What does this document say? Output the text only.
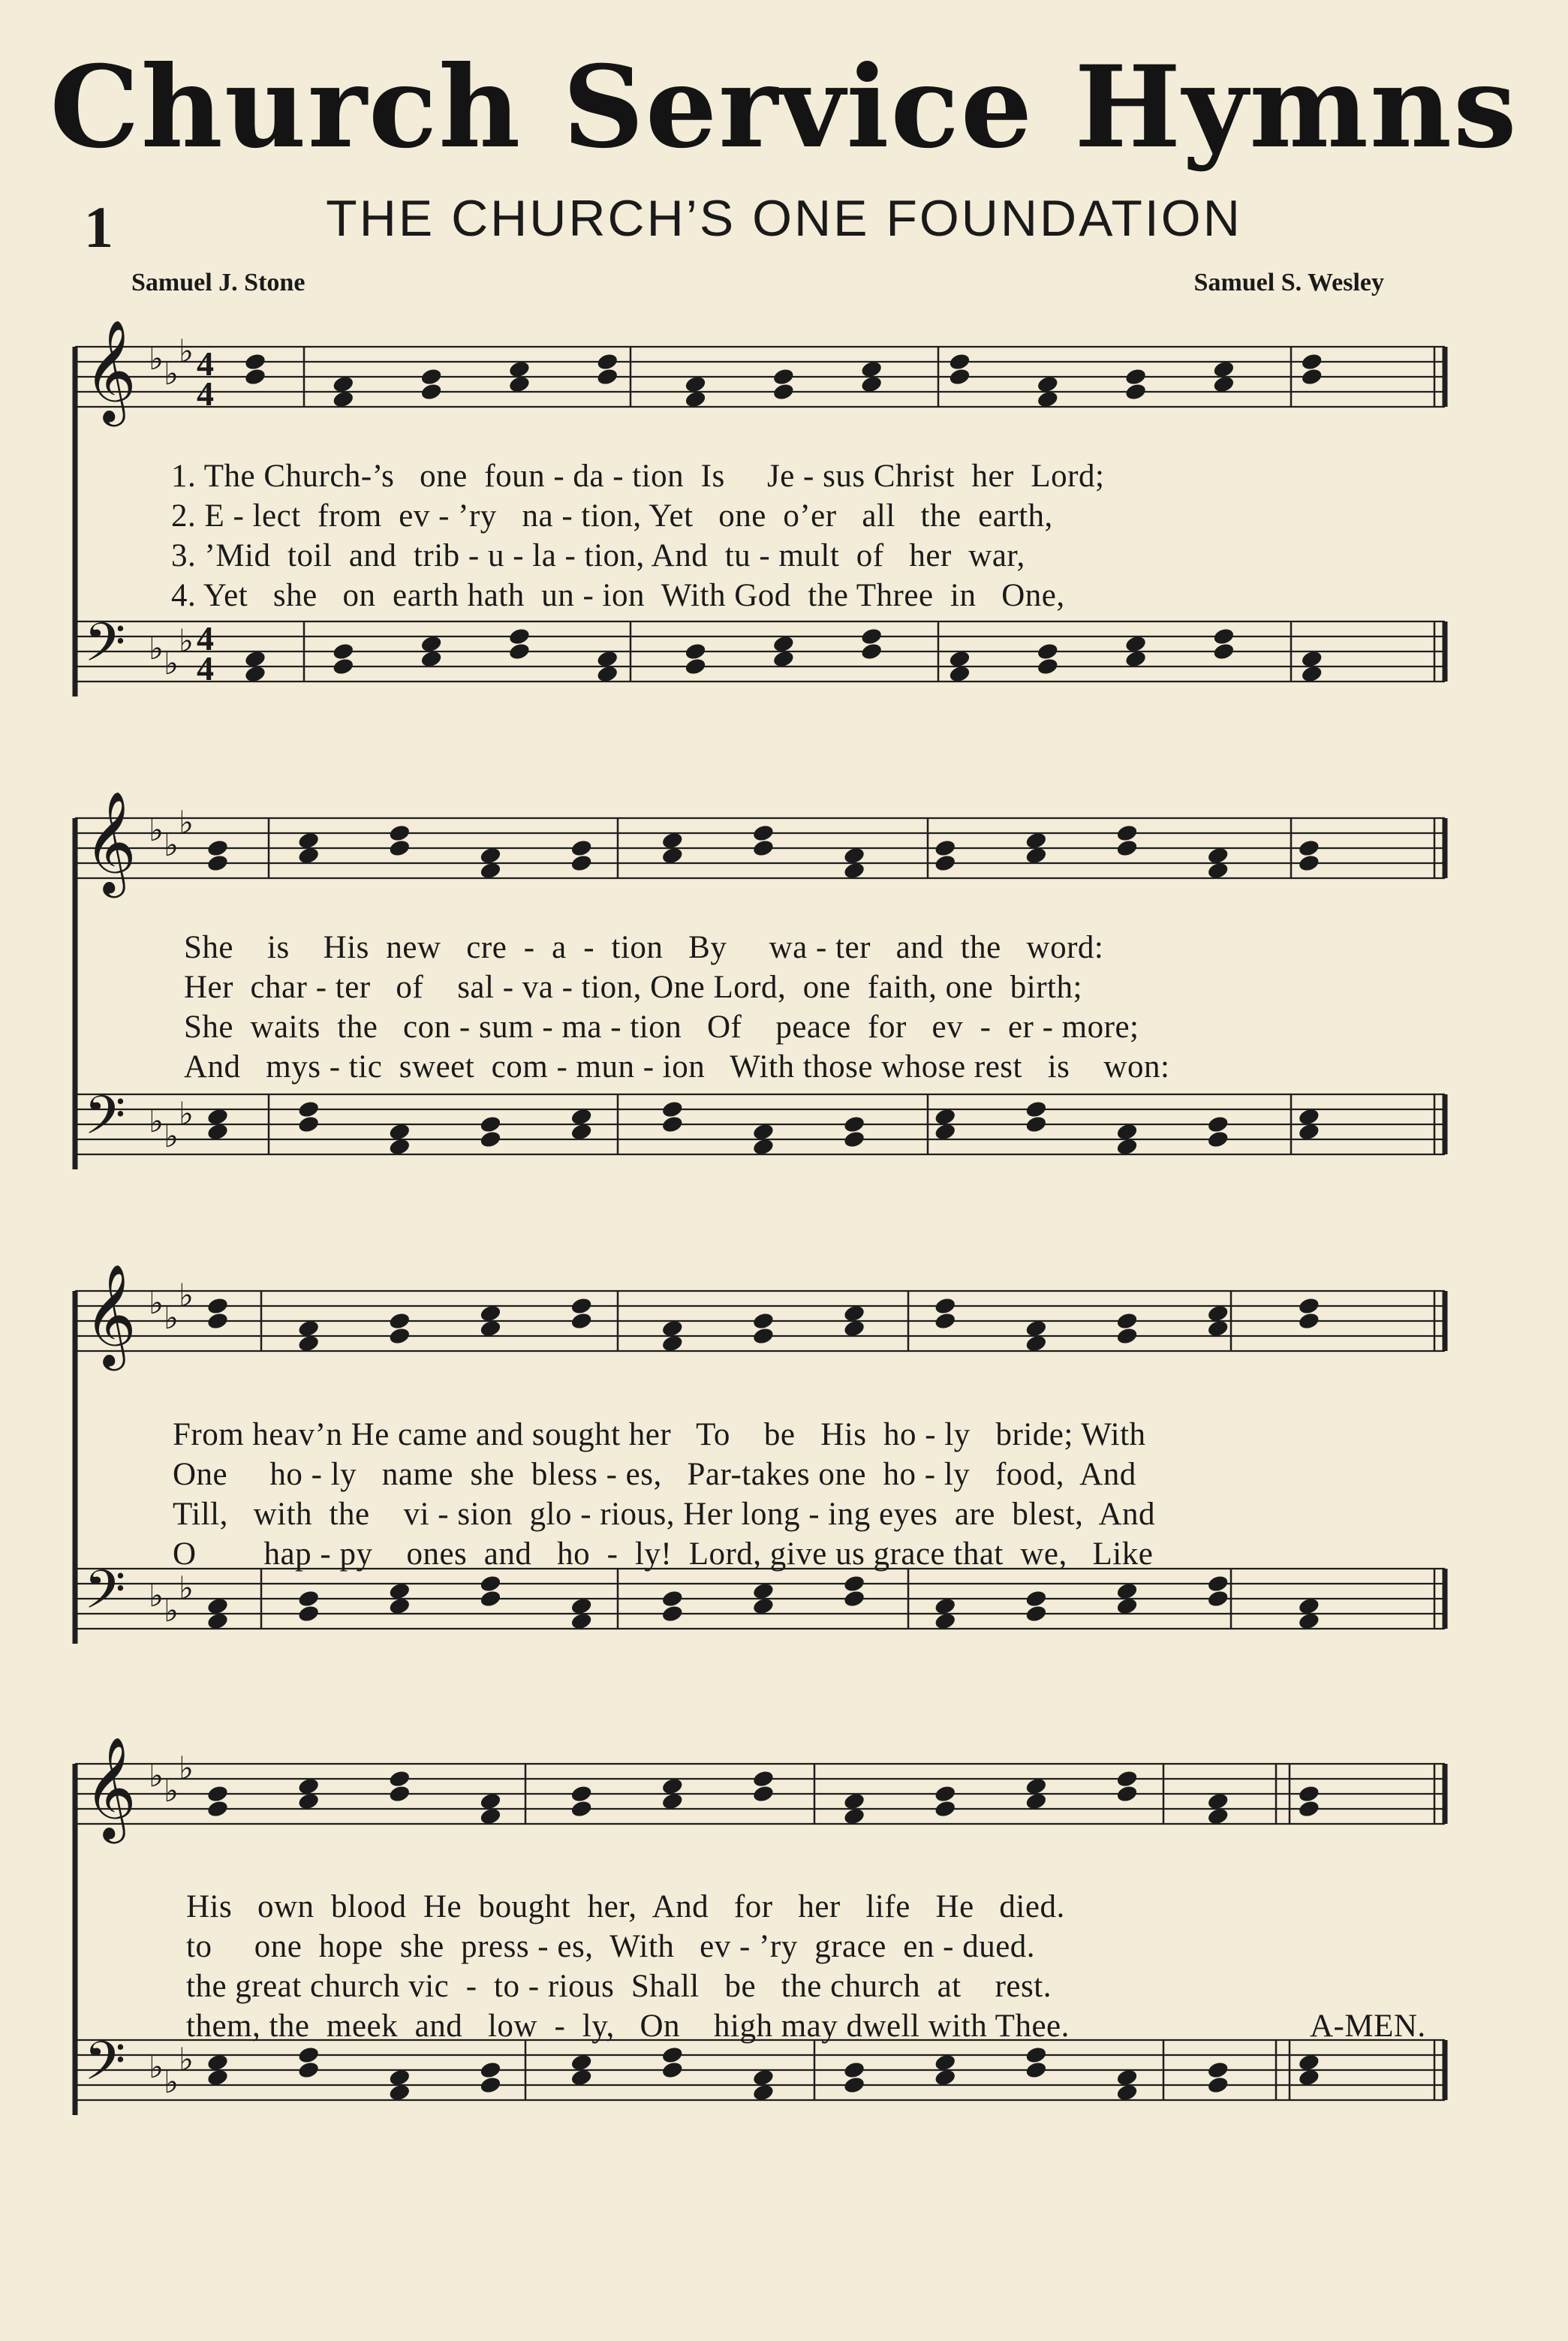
Church Service Hymns
1	THE CHURCH’S ONE FOUNDATION
Samuel J. Stone	Samuel S. Wesley
𝄞 ♭ ♭
♭ 4
4
𝄢 ♭ ♭
♭ 4
4
𝄞 ♭ ♭
♭
𝄢 ♭ ♭
♭
𝄞 ♭ ♭
♭
𝄢 ♭ ♭
♭
𝄞 ♭ ♭
♭
𝄢 ♭ ♭
♭
1. The Church-’s   one  foun - da - tion  Is     Je - sus Christ  her  Lord;
2. E - lect  from  ev - ’ry   na - tion, Yet   one  o’er   all   the  earth,
3. ’Mid  toil  and  trib - u - la - tion, And  tu - mult  of   her  war,
4. Yet   she   on  earth hath  un - ion  With God  the Three  in   One,
She    is    His  new   cre  -  a  -  tion   By     wa - ter   and  the   word:
Her  char - ter   of    sal - va - tion, One Lord,  one  faith, one  birth;
She  waits  the   con - sum - ma - tion   Of    peace  for   ev  -  er - more;
And   mys - tic  sweet  com - mun - ion   With those whose rest   is    won:
From heav’n He came and sought her   To    be   His  ho - ly   bride; With
One     ho - ly   name  she  bless - es,   Par-takes one  ho - ly   food,  And
Till,   with  the    vi - sion  glo - rious, Her long - ing eyes  are  blest,  And
O        hap - py    ones  and   ho  -  ly!  Lord, give us grace that  we,   Like
His   own  blood  He  bought  her,  And   for   her   life   He   died.
to     one  hope  she  press - es,  With   ev - ’ry  grace  en - dued.
the great church vic  -  to - rious  Shall   be   the church  at    rest.
them, the  meek  and   low  -  ly,   On    high may dwell with Thee.	A-MEN.
